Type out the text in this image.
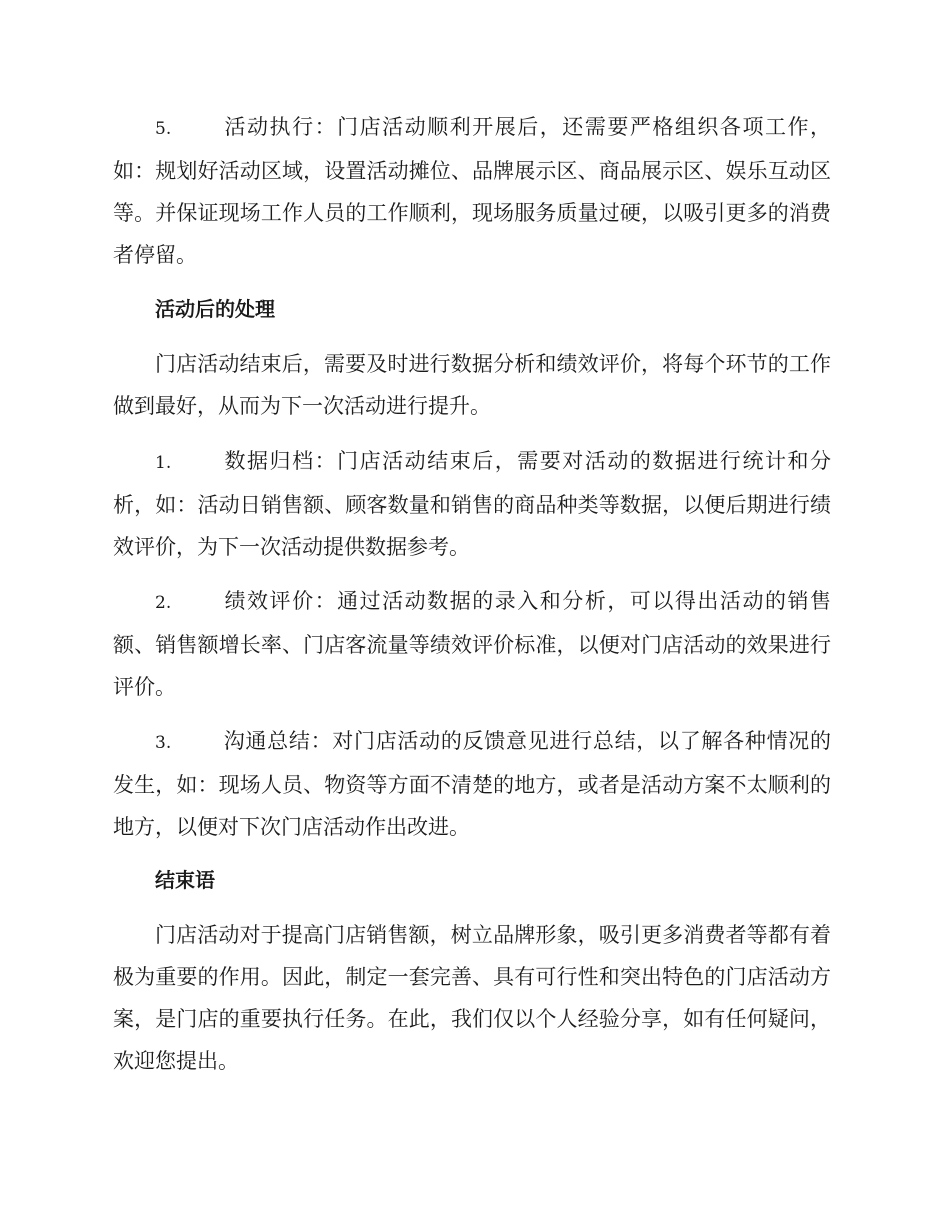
5. 活动执行：门店活动顺利开展后，还需要严格组织各项工作，如：规划好活动区域，设置活动摊位、品牌展示区、商品展示区、娱乐互动区等。并保证现场工作人员的工作顺利，现场服务质量过硬，以吸引更多的消费者停留。

活动后的处理

门店活动结束后，需要及时进行数据分析和绩效评价，将每个环节的工作做到最好，从而为下一次活动进行提升。

1. 数据归档：门店活动结束后，需要对活动的数据进行统计和分析，如：活动日销售额、顾客数量和销售的商品种类等数据，以便后期进行绩效评价，为下一次活动提供数据参考。

2. 绩效评价：通过活动数据的录入和分析，可以得出活动的销售额、销售额增长率、门店客流量等绩效评价标准，以便对门店活动的效果进行评价。

3. 沟通总结：对门店活动的反馈意见进行总结，以了解各种情况的发生，如：现场人员、物资等方面不清楚的地方，或者是活动方案不太顺利的地方，以便对下次门店活动作出改进。

结束语

门店活动对于提高门店销售额，树立品牌形象，吸引更多消费者等都有着极为重要的作用。因此，制定一套完善、具有可行性和突出特色的门店活动方案，是门店的重要执行任务。在此，我们仅以个人经验分享，如有任何疑问，欢迎您提出。
